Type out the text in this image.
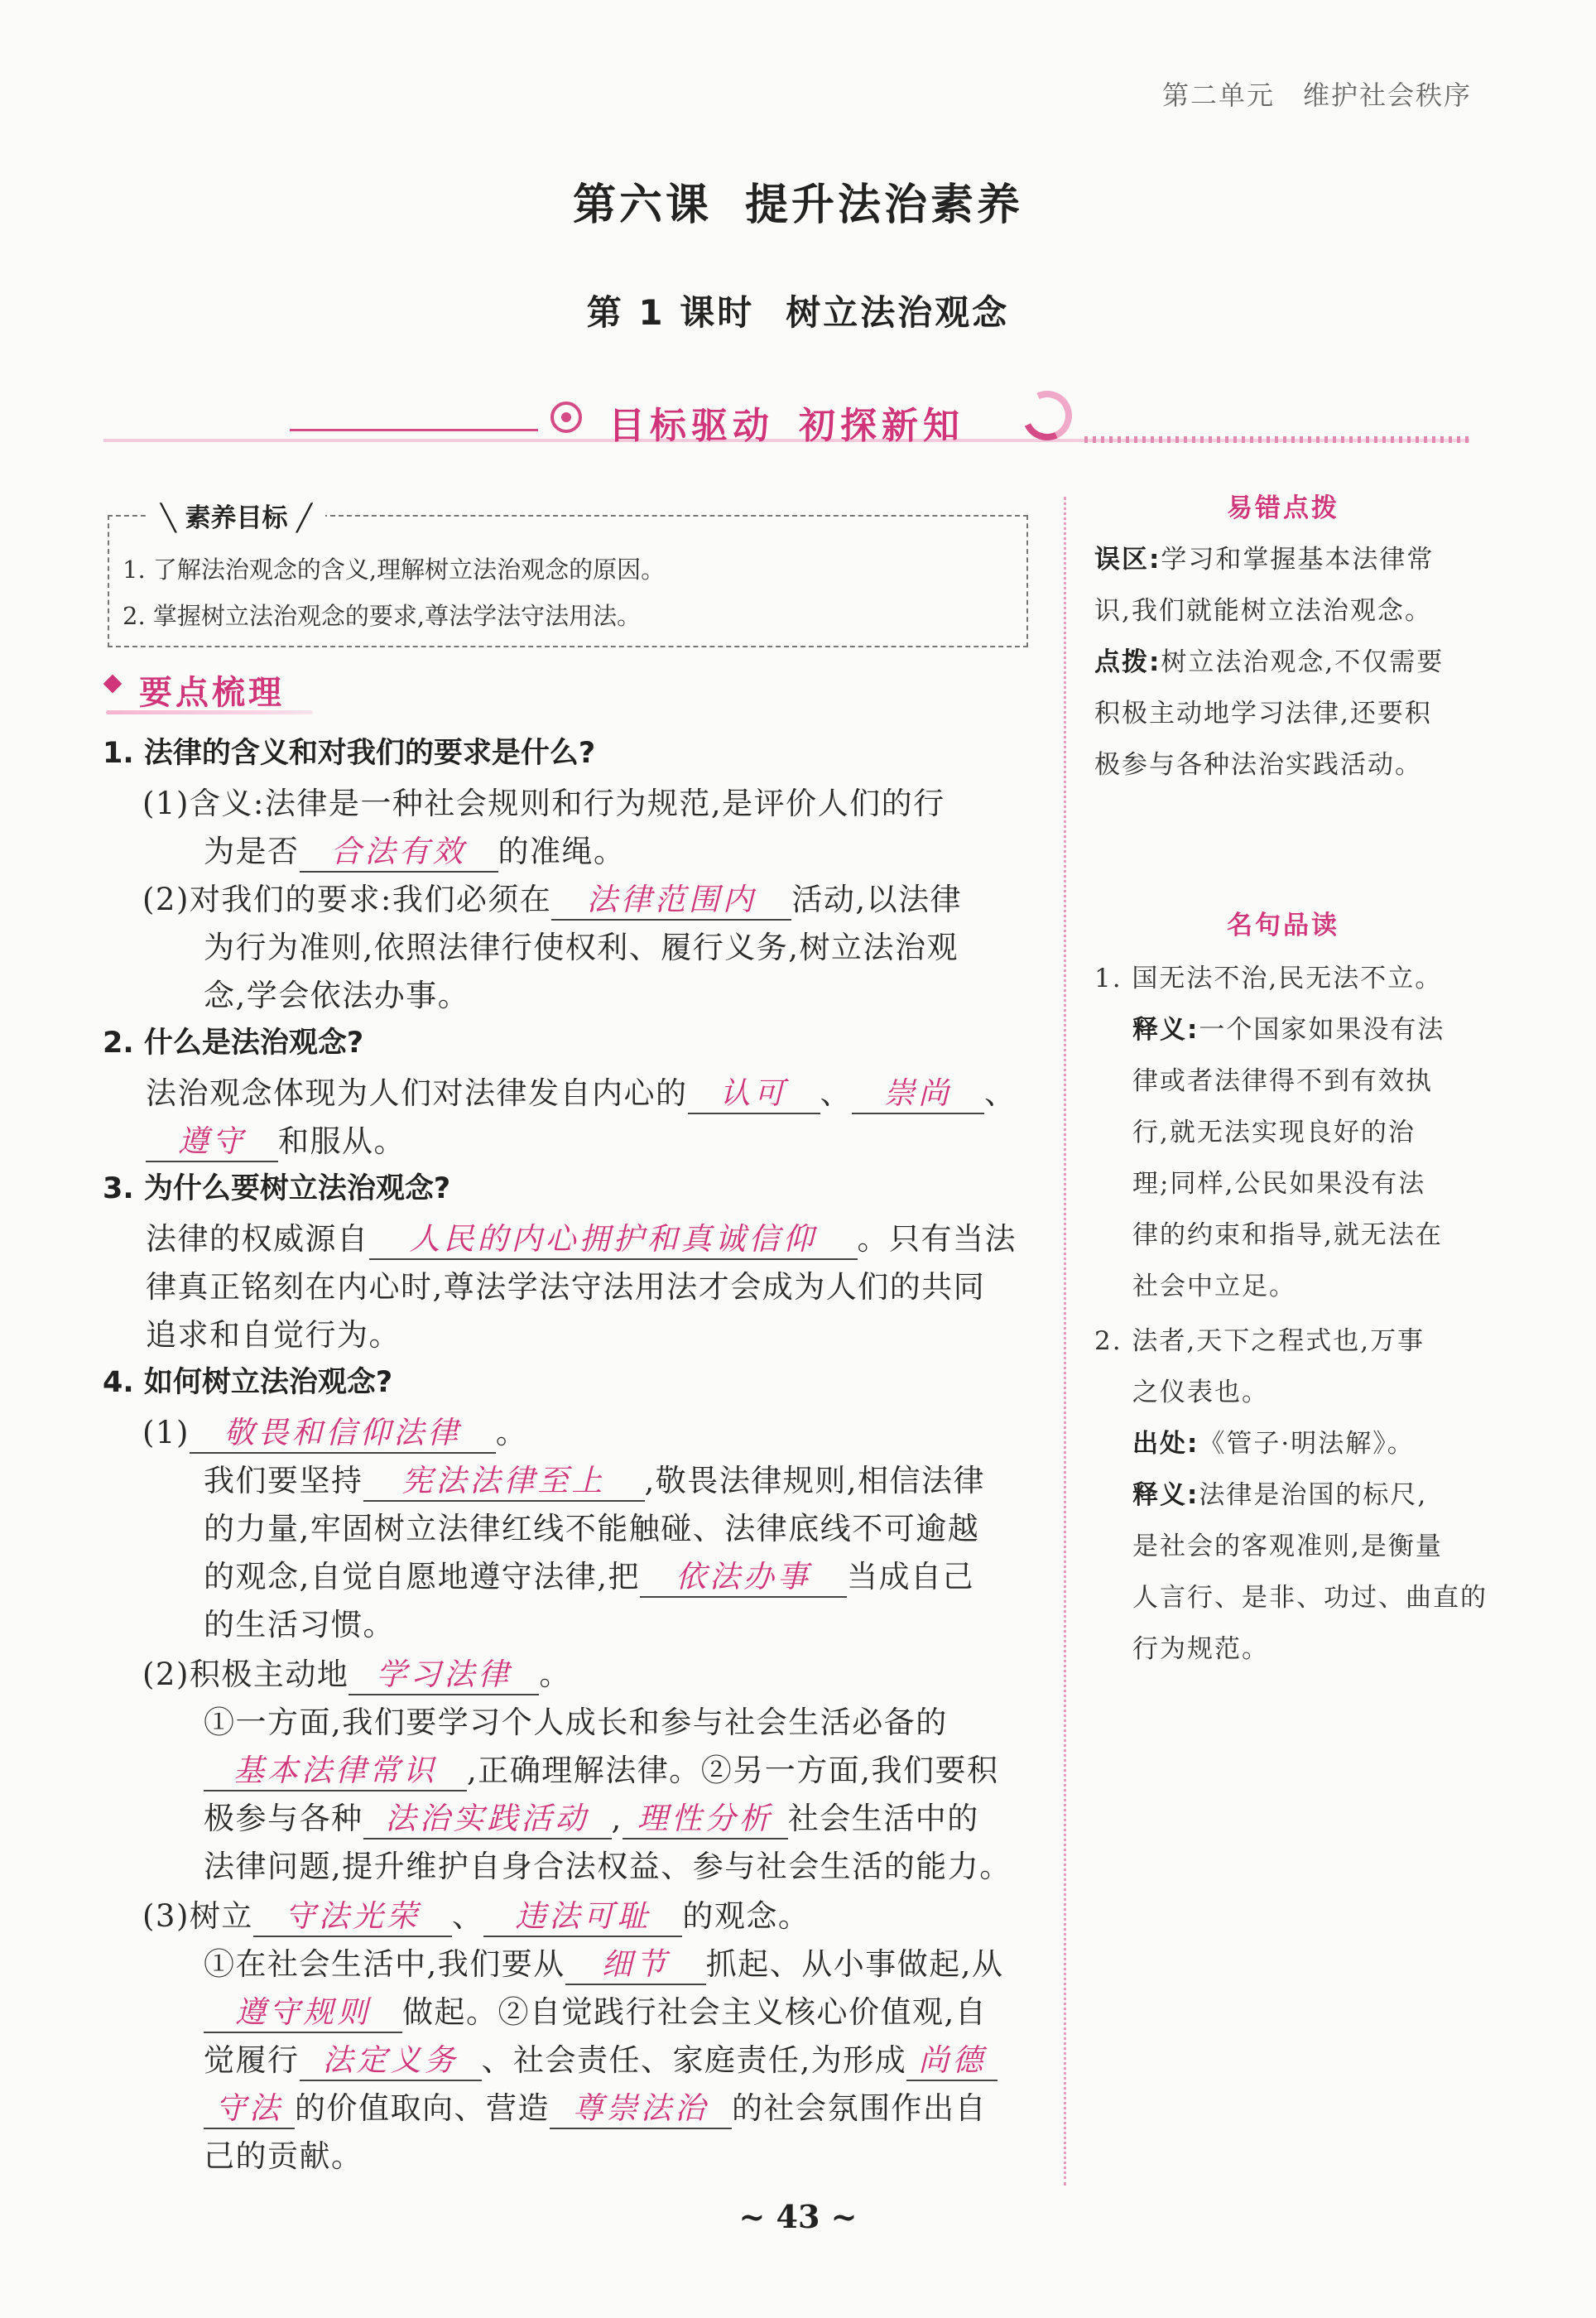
第二单元 维护社会秩序
第六课 提升法治素养
第 1 课时 树立法治观念
目标驱动 初探新知
╲ 素养目标 ╱
1. 了解法治观念的含义,理解树立法治观念的原因。
2. 掌握树立法治观念的要求,尊法学法守法用法。
要点梳理
1. 法律的含义和对我们的要求是什么?
(1)含义:法律是一种社会规则和行为规范,是评价人们的行
为是否 合法有效 的准绳。
(2)对我们的要求:我们必须在 法律范围内 活动,以法律
为行为准则,依照法律行使权利、履行义务,树立法治观
念,学会依法办事。
2. 什么是法治观念?
法治观念体现为人们对法律发自内心的 认可 、 崇尚 、
遵守 和服从。
3. 为什么要树立法治观念?
法律的权威源自 人民的内心拥护和真诚信仰 。只有当法
律真正铭刻在内心时,尊法学法守法用法才会成为人们的共同
追求和自觉行为。
4. 如何树立法治观念?
(1) 敬畏和信仰法律 。
我们要坚持 宪法法律至上 ,敬畏法律规则,相信法律
的力量,牢固树立法律红线不能触碰、法律底线不可逾越
的观念,自觉自愿地遵守法律,把 依法办事 当成自己
的生活习惯。
(2)积极主动地 学习法律 。
①一方面,我们要学习个人成长和参与社会生活必备的
基本法律常识 ,正确理解法律。②另一方面,我们要积
极参与各种 法治实践活动 , 理性分析 社会生活中的
法律问题,提升维护自身合法权益、参与社会生活的能力。
(3)树立 守法光荣 、 违法可耻 的观念。
①在社会生活中,我们要从 细节 抓起、从小事做起,从
遵守规则 做起。②自觉践行社会主义核心价值观,自
觉履行 法定义务 、社会责任、家庭责任,为形成 尚德
守法 的价值取向、营造 尊崇法治 的社会氛围作出自
己的贡献。
易错点拨
误区:学习和掌握基本法律常
识,我们就能树立法治观念。
点拨:树立法治观念,不仅需要
积极主动地学习法律,还要积
极参与各种法治实践活动。
名句品读
1. 国无法不治,民无法不立。
释义:一个国家如果没有法
律或者法律得不到有效执
行,就无法实现良好的治
理;同样,公民如果没有法
律的约束和指导,就无法在
社会中立足。
2. 法者,天下之程式也,万事
之仪表也。
出处:《管子·明法解》。
释义:法律是治国的标尺,
是社会的客观准则,是衡量
人言行、是非、功过、曲直的
行为规范。
~ 43 ~
